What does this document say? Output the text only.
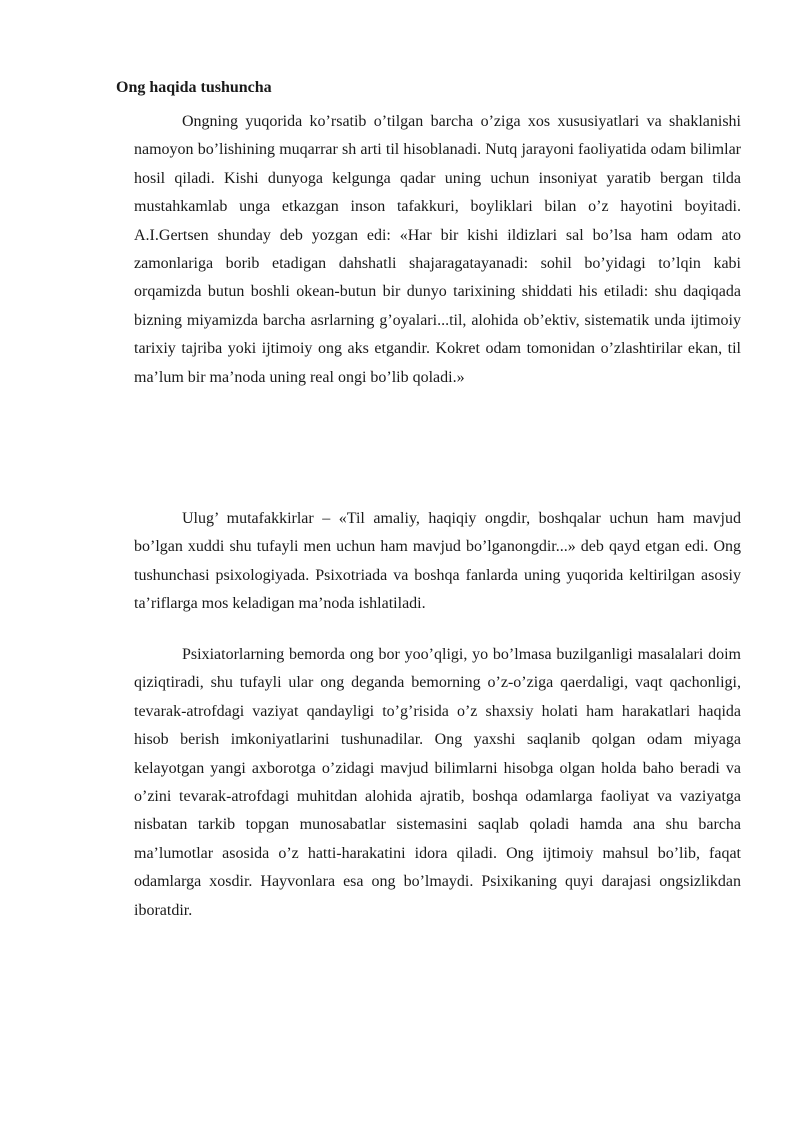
Ong haqida tushuncha

Ongning yuqorida ko’rsatib o’tilgan barcha o’ziga xos xususiyatlari va shaklanishi namoyon bo’lishining muqarrar sh arti til hisoblanadi. Nutq jarayoni faoliyatida odam bilimlar hosil qiladi. Kishi dunyoga kelgunga qadar uning uchun insoniyat yaratib bergan tilda mustahkamlab unga etkazgan inson tafakkuri, boyliklari bilan o’z hayotini boyitadi. A.I.Gertsen shunday deb yozgan edi: «Har bir kishi ildizlari sal bo’lsa ham odam ato zamonlariga borib etadigan dahshatli shajaragatayanadi: sohil bo’yidagi to’lqin kabi orqamizda butun boshli okean-butun bir dunyo tarixining shiddati his etiladi: shu daqiqada bizning miyamizda barcha asrlarning g’oyalari...til, alohida ob’ektiv, sistematik unda ijtimoiy tarixiy tajriba yoki ijtimoiy ong aks etgandir. Kokret odam tomonidan o’zlashtirilar ekan, til ma’lum bir ma’noda uning real ongi bo’lib qoladi.»

Ulug’ mutafakkirlar – «Til amaliy, haqiqiy ongdir, boshqalar uchun ham mavjud bo’lgan xuddi shu tufayli men uchun ham mavjud bo’lganongdir...» deb qayd etgan edi. Ong tushunchasi psixologiyada. Psixotriada va boshqa fanlarda uning yuqorida keltirilgan asosiy ta’riflarga mos keladigan ma’noda ishlatiladi.

Psixiatorlarning bemorda ong bor yoo’qligi, yo bo’lmasa buzilganligi masalalari doim qiziqtiradi, shu tufayli ular ong deganda bemorning o’z-o’ziga qaerdaligi, vaqt qachonligi, tevarak-atrofdagi vaziyat qandayligi to’g’risida o’z shaxsiy holati ham harakatlari haqida hisob berish imkoniyatlarini tushunadilar. Ong yaxshi saqlanib qolgan odam miyaga kelayotgan yangi axborotga o’zidagi mavjud bilimlarni hisobga olgan holda baho beradi va o’zini tevarak-atrofdagi muhitdan alohida ajratib, boshqa odamlarga faoliyat va vaziyatga nisbatan tarkib topgan munosabatlar sistemasini saqlab qoladi hamda ana shu barcha ma’lumotlar asosida o’z hatti-harakatini idora qiladi. Ong ijtimoiy mahsul bo’lib, faqat odamlarga xosdir. Hayvonlara esa ong bo’lmaydi. Psixikaning quyi darajasi ongsizlikdan iboratdir.
